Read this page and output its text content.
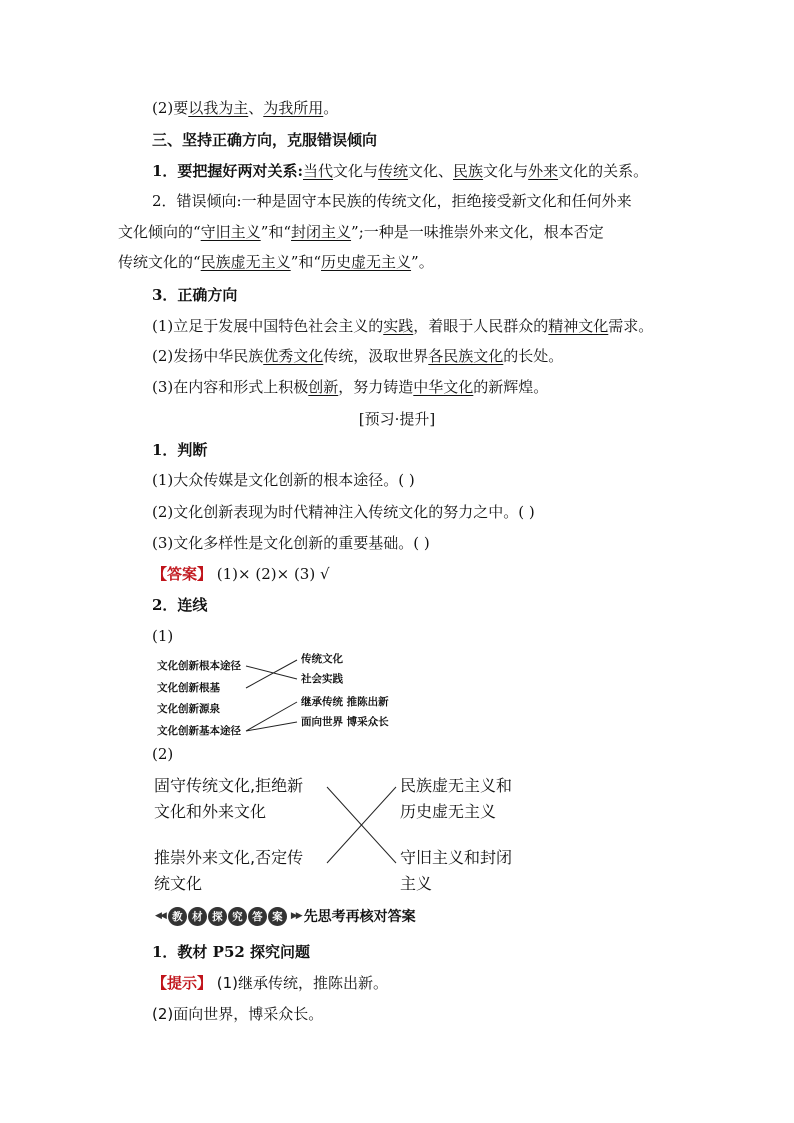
(2)要以我为主、为我所用。
三、坚持正确方向，克服错误倾向
1．要把握好两对关系:当代文化与传统文化、民族文化与外来文化的关系。
2．错误倾向:一种是固守本民族的传统文化，拒绝接受新文化和任何外来
文化倾向的“守旧主义”和“封闭主义”;一种是一味推崇外来文化，根本否定
传统文化的“民族虚无主义”和“历史虚无主义”。
3．正确方向
(1)立足于发展中国特色社会主义的实践，着眼于人民群众的精神文化需求。
(2)发扬中华民族优秀文化传统，汲取世界各民族文化的长处。
(3)在内容和形式上积极创新，努力铸造中华文化的新辉煌。
[预习·提升]
1．判断
(1)大众传媒是文化创新的根本途径。( )
(2)文化创新表现为时代精神注入传统文化的努力之中。( )
(3)文化多样性是文化创新的重要基础。( )
【答案】 (1)× (2)× (3) √
2．连线
(1)
文化创新根本途径
文化创新根基
文化创新源泉
文化创新基本途径
传统文化
社会实践
继承传统 推陈出新
面向世界 博采众长
(2)
固守传统文化,拒绝新
文化和外来文化
推崇外来文化,否定传
统文化
民族虚无主义和
历史虚无主义
守旧主义和封闭
主义
◀◀ 教 材 探 究 答 案 ▶▶ 先思考再核对答案
1．教材 P52 探究问题
【提示】 (1)继承传统，推陈出新。
(2)面向世界，博采众长。
